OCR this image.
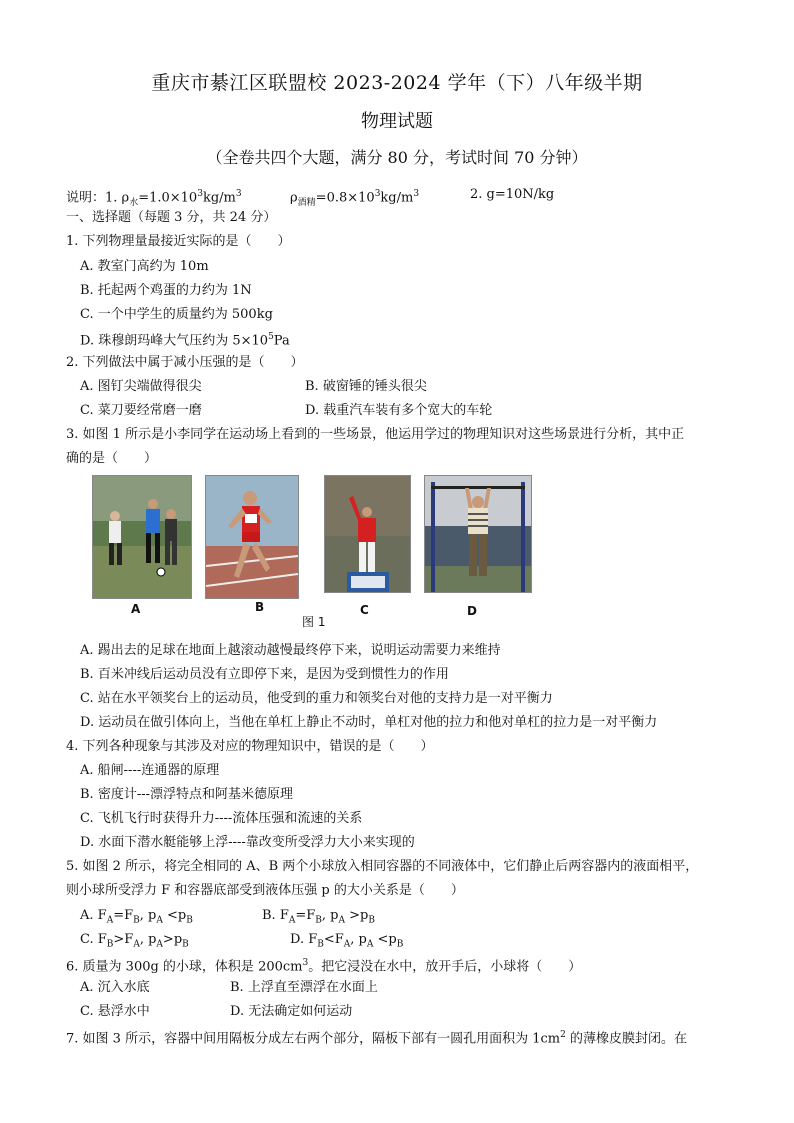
重庆市綦江区联盟校 2023-2024 学年（下）八年级半期
物理试题
（全卷共四个大题，满分 80 分，考试时间 70 分钟）
说明：1. $\rho_水=1.0\times 10^3kg/m^3$	$\rho_{酒精}=0.8\times 10^3kg/m^3$	2. g=10N/kg
一、选择题（每题 3 分，共 24 分）
1. 下列物理量最接近实际的是（　　）
A. 教室门高约为 10m
B. 托起两个鸡蛋的力约为 1N
C. 一个中学生的质量约为 500kg
D. 珠穆朗玛峰大气压约为 $5\times 10^5Pa$
2. 下列做法中属于减小压强的是（　　）
A. 图钉尖端做得很尖	B. 破窗锤的锤头很尖
C. 菜刀要经常磨一磨	D. 载重汽车装有多个宽大的车轮
3. 如图 1 所示是小李同学在运动场上看到的一些场景，他运用学过的物理知识对这些场景进行分析，其中正
确的是（　　）
A	B	C	D
图 1
A. 踢出去的足球在地面上越滚动越慢最终停下来，说明运动需要力来维持
B. 百米冲线后运动员没有立即停下来，是因为受到惯性力的作用
C. 站在水平领奖台上的运动员，他受到的重力和领奖台对他的支持力是一对平衡力
D. 运动员在做引体向上，当他在单杠上静止不动时，单杠对他的拉力和他对单杠的拉力是一对平衡力
4. 下列各种现象与其涉及对应的物理知识中，错误的是（　　）
A. 船闸----连通器的原理
B. 密度计---漂浮特点和阿基米德原理
C. 飞机飞行时获得升力----流体压强和流速的关系
D. 水面下潜水艇能够上浮----靠改变所受浮力大小来实现的
5. 如图 2 所示，将完全相同的 A、B 两个小球放入相同容器的不同液体中，它们静止后两容器内的液面相平，
则小球所受浮力 F 和容器底部受到液体压强 p 的大小关系是（　　）
A. $F_A=F_B$, $p_A <p_B$	B. $F_A=F_B$, $p_A >p_B$
C. $F_B>F_A$, $p_A>p_B$	D. $F_B<F_A$, $p_A <p_B$
6. 质量为 300g 的小球，体积是 $200cm^3$。把它浸没在水中，放开手后，小球将（　　）
A. 沉入水底	B. 上浮直至漂浮在水面上
C. 悬浮水中	D. 无法确定如何运动
7. 如图 3 所示，容器中间用隔板分成左右两个部分，隔板下部有一圆孔用面积为 $1cm^2$ 的薄橡皮膜封闭。在
